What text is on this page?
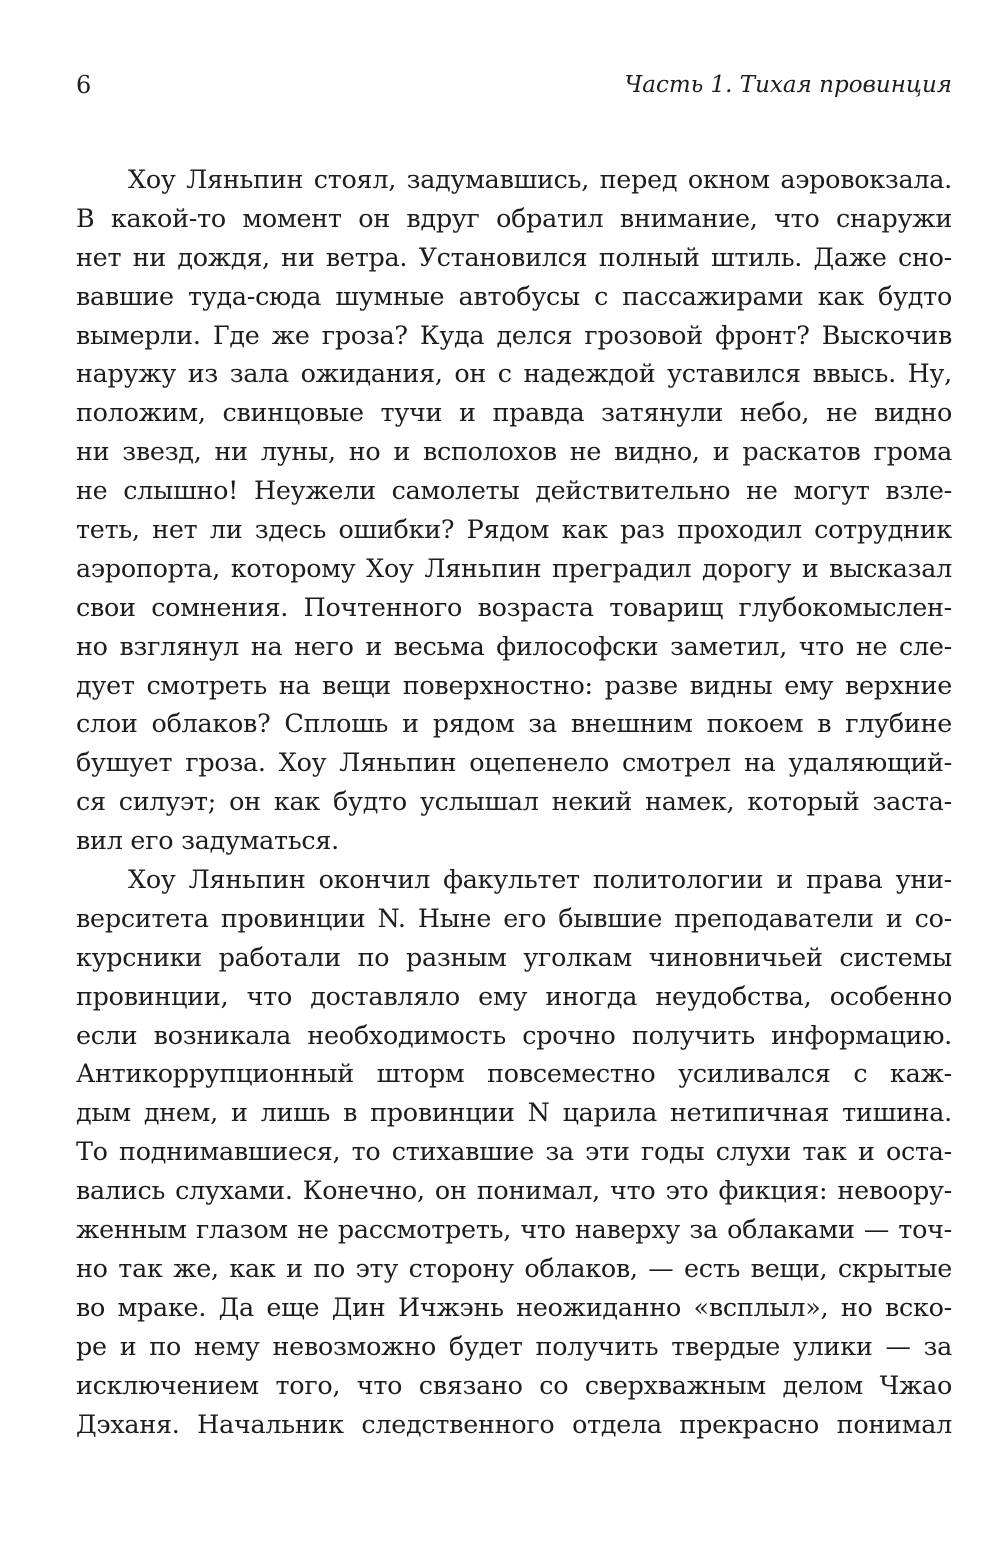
6	Часть 1. Тихая провинция
Хоу Ляньпин стоял, задумавшись, перед окном аэровокзала.
В какой-то момент он вдруг обратил внимание, что снаружи
нет ни дождя, ни ветра. Установился полный штиль. Даже сно-
вавшие туда-сюда шумные автобусы с пассажирами как будто
вымерли. Где же гроза? Куда делся грозовой фронт? Выскочив
наружу из зала ожидания, он с надеждой уставился ввысь. Ну,
положим, свинцовые тучи и правда затянули небо, не видно
ни звезд, ни луны, но и всполохов не видно, и раскатов грома
не слышно! Неужели самолеты действительно не могут взле-
теть, нет ли здесь ошибки? Рядом как раз проходил сотрудник
аэропорта, которому Хоу Ляньпин преградил дорогу и высказал
свои сомнения. Почтенного возраста товарищ глубокомыслен-
но взглянул на него и весьма философски заметил, что не сле-
дует смотреть на вещи поверхностно: разве видны ему верхние
слои облаков? Сплошь и рядом за внешним покоем в глубине
бушует гроза. Хоу Ляньпин оцепенело смотрел на удаляющий-
ся силуэт; он как будто услышал некий намек, который заста-
вил его задуматься.
Хоу Ляньпин окончил факультет политологии и права уни-
верситета провинции N. Ныне его бывшие преподаватели и со-
курсники работали по разным уголкам чиновничьей системы
провинции, что доставляло ему иногда неудобства, особенно
если возникала необходимость срочно получить информацию.
Антикоррупционный шторм повсеместно усиливался с каж-
дым днем, и лишь в провинции N царила нетипичная тишина.
То поднимавшиеся, то стихавшие за эти годы слухи так и оста-
вались слухами. Конечно, он понимал, что это фикция: невоору-
женным глазом не рассмотреть, что наверху за облаками — точ-
но так же, как и по эту сторону облаков, — есть вещи, скрытые
во мраке. Да еще Дин Ичжэнь неожиданно «всплыл», но вско-
ре и по нему невозможно будет получить твердые улики — за
исключением того, что связано со сверхважным делом Чжао
Дэханя. Начальник следственного отдела прекрасно понимал
